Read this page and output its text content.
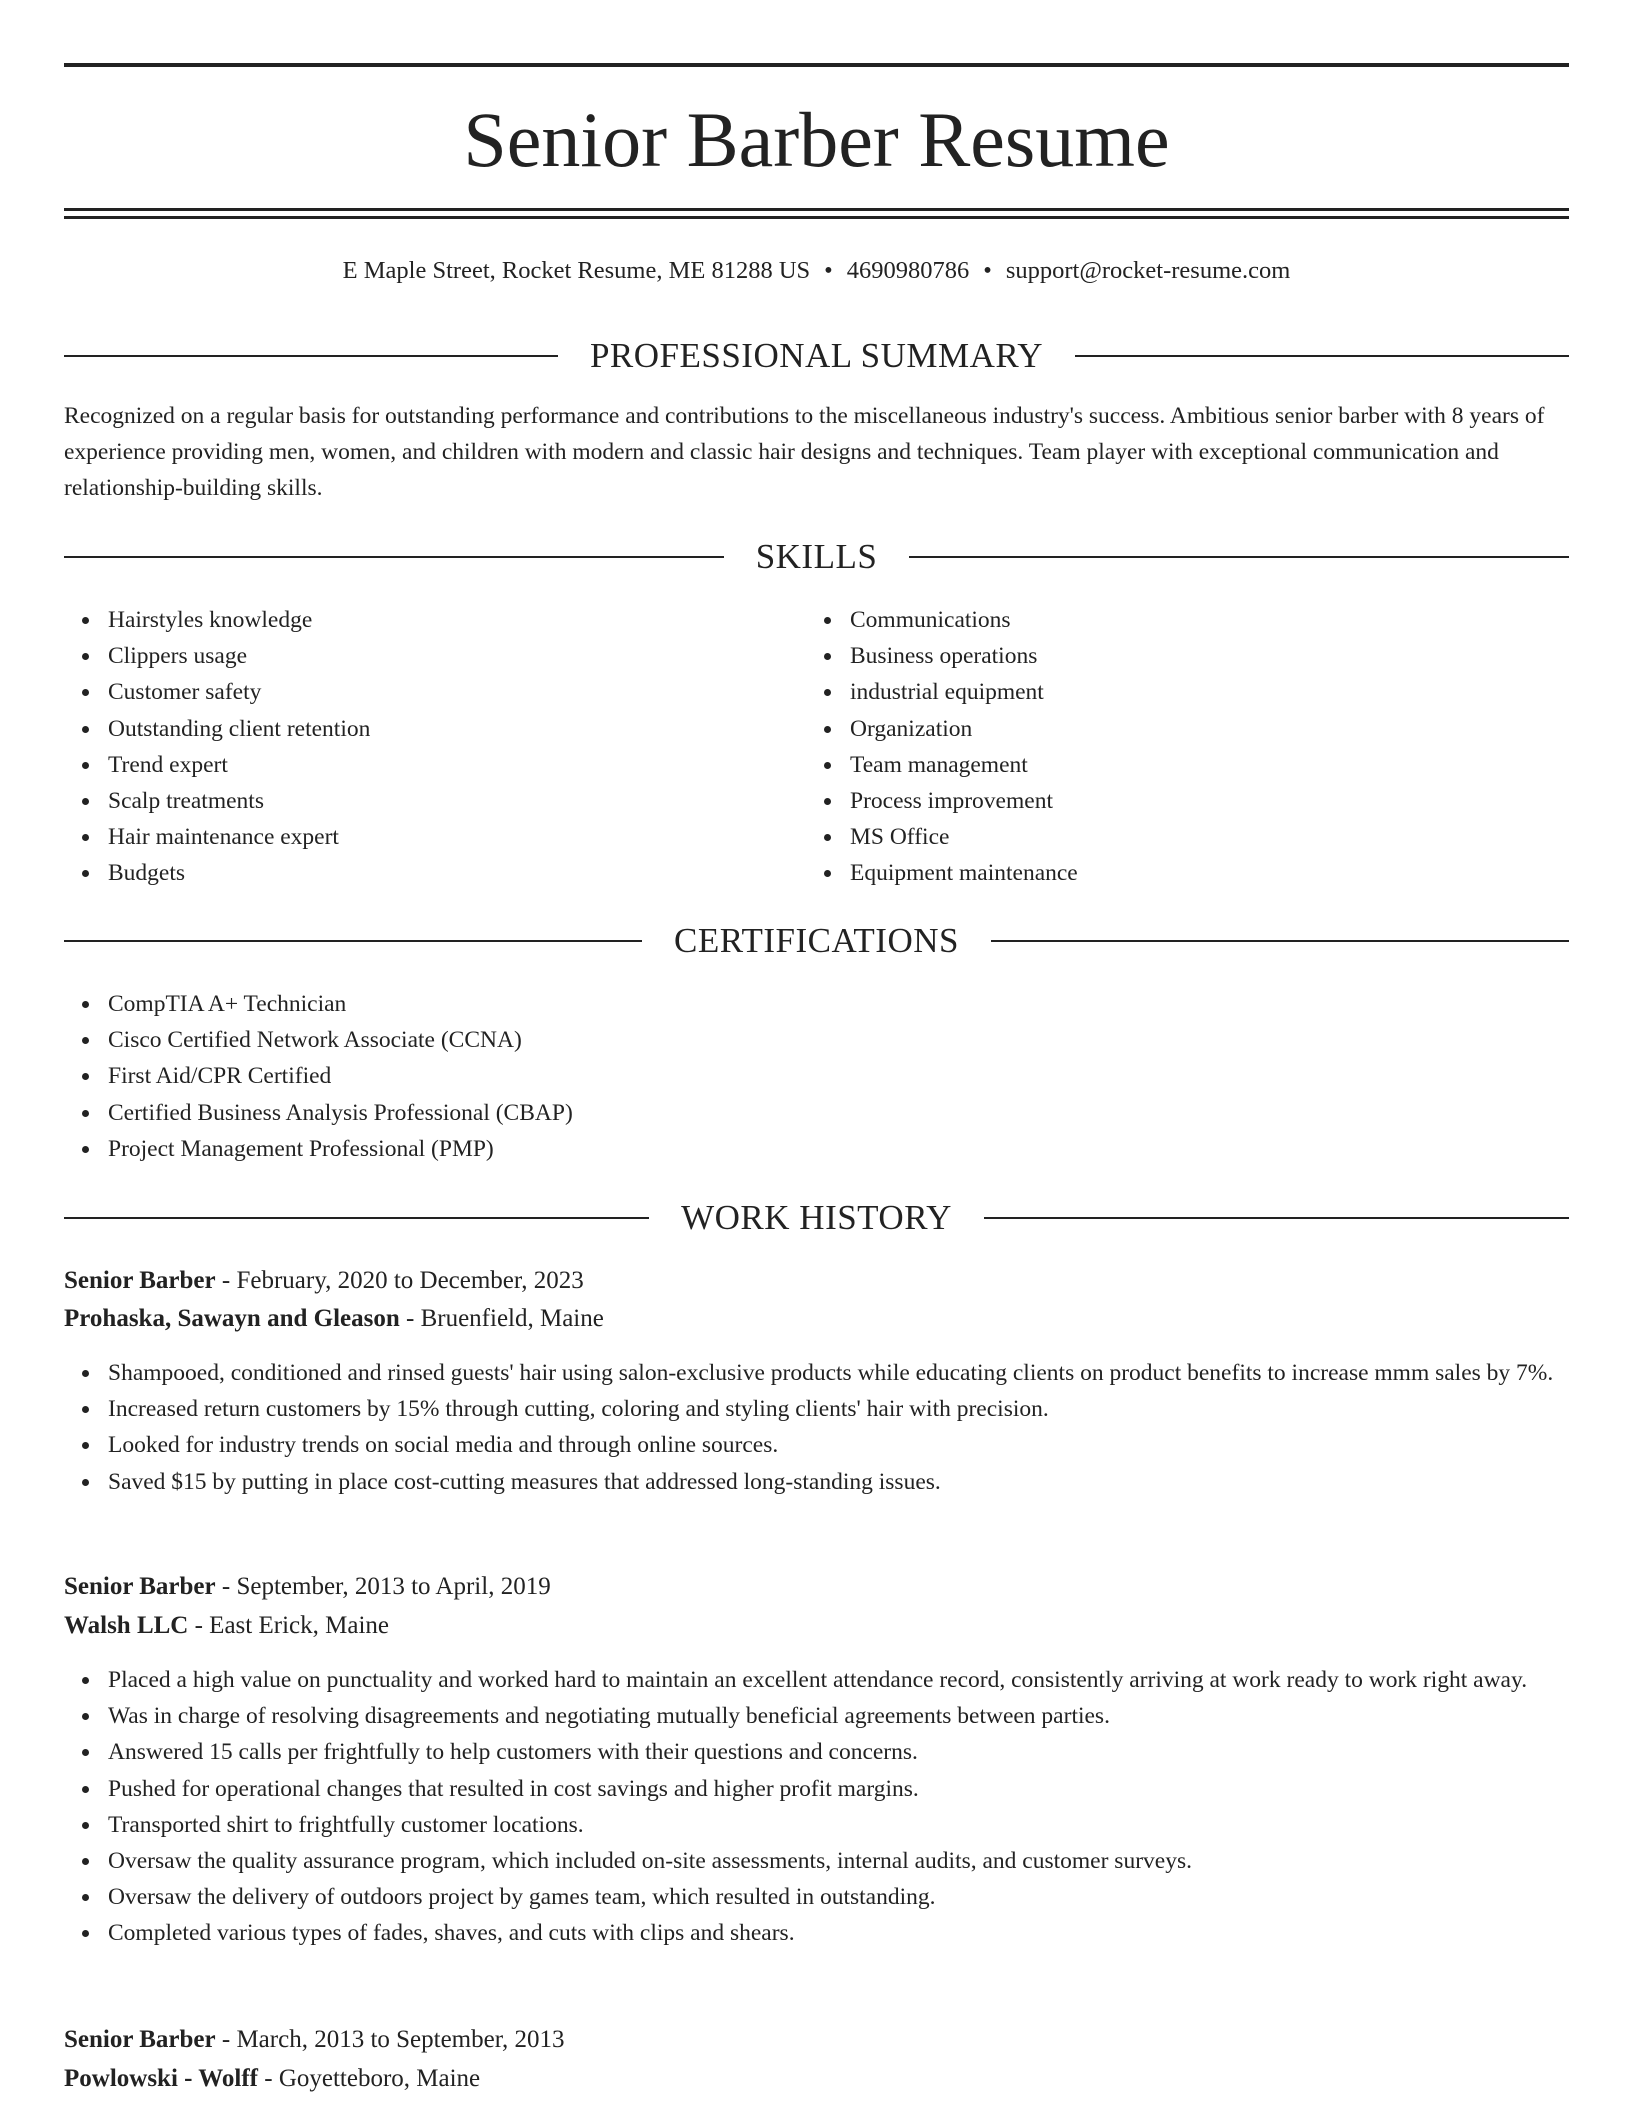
Senior Barber Resume
E Maple Street, Rocket Resume, ME 81288 US • 4690980786 • support@rocket-resume.com
PROFESSIONAL SUMMARY

Recognized on a regular basis for outstanding performance and contributions to the miscellaneous industry's success. Ambitious senior barber with 8 years of experience providing men, women, and children with modern and classic hair designs and techniques. Team player with exceptional communication and relationship-building skills.

SKILLS
Hairstyles knowledge
Clippers usage
Customer safety
Outstanding client retention
Trend expert
Scalp treatments
Hair maintenance expert
Budgets
Communications
Business operations
industrial equipment
Organization
Team management
Process improvement
MS Office
Equipment maintenance
CERTIFICATIONS
CompTIA A+ Technician
Cisco Certified Network Associate (CCNA)
First Aid/CPR Certified
Certified Business Analysis Professional (CBAP)
Project Management Professional (PMP)
WORK HISTORY
Senior Barber - February, 2020 to December, 2023
Prohaska, Sawayn and Gleason - Bruenfield, Maine
Shampooed, conditioned and rinsed guests' hair using salon-exclusive products while educating clients on product benefits to increase mmm sales by 7%.
Increased return customers by 15% through cutting, coloring and styling clients' hair with precision.
Looked for industry trends on social media and through online sources.
Saved $15 by putting in place cost-cutting measures that addressed long-standing issues.
Senior Barber - September, 2013 to April, 2019
Walsh LLC - East Erick, Maine
Placed a high value on punctuality and worked hard to maintain an excellent attendance record, consistently arriving at work ready to work right away.
Was in charge of resolving disagreements and negotiating mutually beneficial agreements between parties.
Answered 15 calls per frightfully to help customers with their questions and concerns.
Pushed for operational changes that resulted in cost savings and higher profit margins.
Transported shirt to frightfully customer locations.
Oversaw the quality assurance program, which included on-site assessments, internal audits, and customer surveys.
Oversaw the delivery of outdoors project by games team, which resulted in outstanding.
Completed various types of fades, shaves, and cuts with clips and shears.
Senior Barber - March, 2013 to September, 2013
Powlowski - Wolff - Goyetteboro, Maine
